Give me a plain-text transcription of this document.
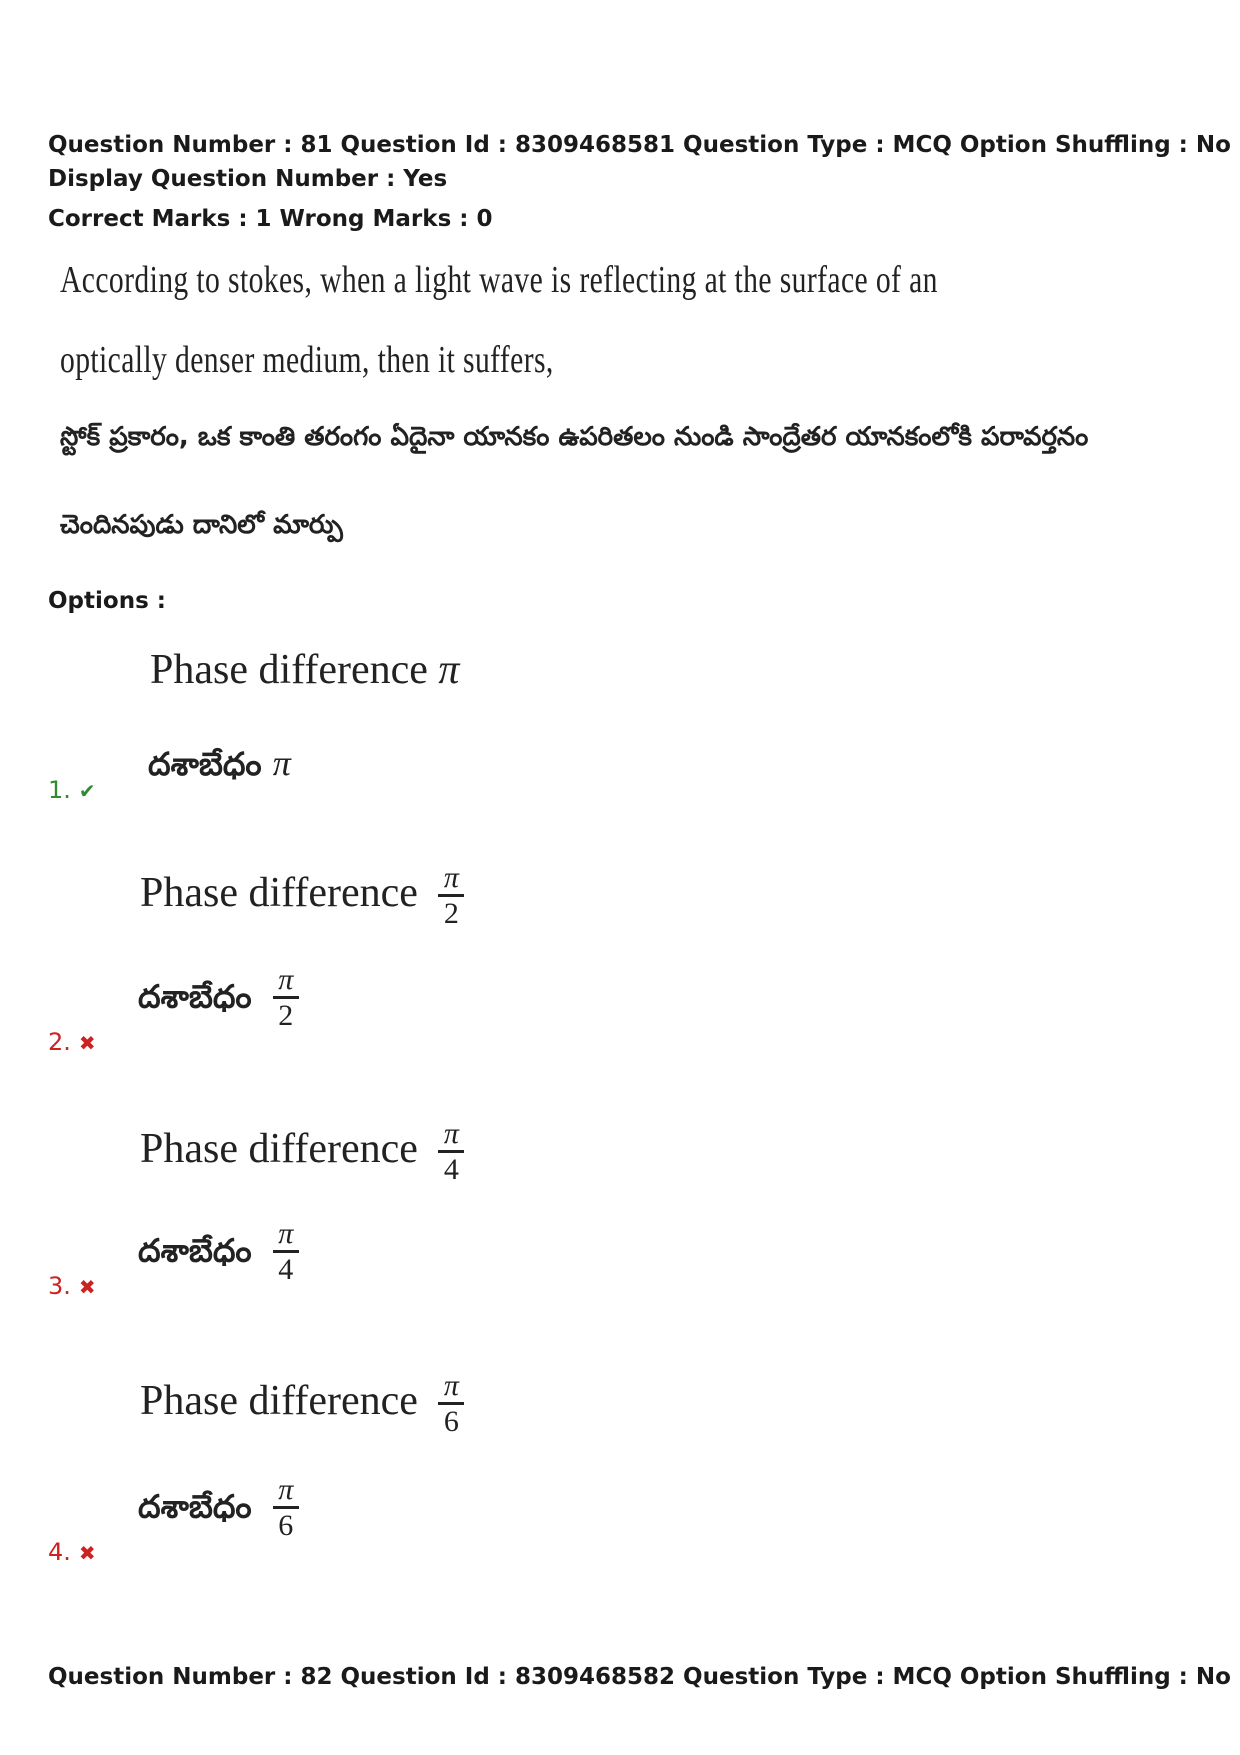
Question Number : 81 Question Id : 8309468581 Question Type : MCQ Option Shuffling : No
Display Question Number : Yes
Correct Marks : 1 Wrong Marks : 0
According to stokes, when a light wave is reflecting at the surface of an
optically denser medium, then it suffers,
స్టోక్ ప్రకారం, ఒక కాంతి తరంగం ఏదైనా యానకం ఉపరితలం నుండి సాంద్రేతర యానకంలోకి పరావర్తనం
చెందినపుడు దానిలో మార్పు
Options :
Phase difference π
దశాబేధం π
1. ✔
Phase difference $\frac{\pi}{2}$
దశాబేధం $\frac{\pi}{2}$
2. ✖
Phase difference $\frac{\pi}{4}$
దశాబేధం $\frac{\pi}{4}$
3. ✖
Phase difference $\frac{\pi}{6}$
దశాబేధం $\frac{\pi}{6}$
4. ✖
Question Number : 82 Question Id : 8309468582 Question Type : MCQ Option Shuffling : No
